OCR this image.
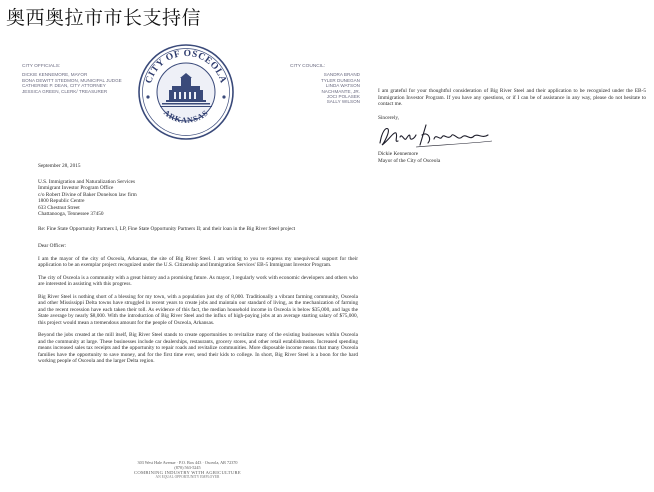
奥西奥拉市市长支持信
CITY OFFICIALS:
DICKIE KENNEMORE, MAYOR
BONA DEWITT STEDMON, MUNICIPAL JUDGE
CATHERINE P. DEAN, CITY ATTORNEY
JESSICA GREEN, CLERK/ TREASURER
CITY OF OSCEOLA
ARKANSAS
CITY COUNCIL:
SANDRA BRAND
TYLER DUNEGAN
LINDA WATSON
NACHMANTE, JR.
JOCI POLASEK
SALLY WILSON
September 28, 2015
U.S. Immigration and Naturalization Services
Immigrant Investor Program Office
c/o Robert Divine of Baker Donelson law firm
1800 Republic Centre
633 Chestnut Street
Chattanooga, Tennessee 37450
Re: Fine State Opportunity Partners I, LP, Fine State Opportunity Partners II; and their loan in the Big River Steel project
Dear Officer:
I am the mayor of the city of Osceola, Arkansas, the site of Big River Steel. I am writing to you to express my unequivocal support for their application to be an exemplar project recognized under the U.S. Citizenship and Immigration Services' EB-5 Immigrant Investor Program.
The city of Osceola is a community with a great history and a promising future. As mayor, I regularly work with economic developers and others who are interested in assisting with this progress.
Big River Steel is nothing short of a blessing for my town, with a population just shy of 8,000. Traditionally a vibrant farming community, Osceola and other Mississippi Delta towns have struggled in recent years to create jobs and maintain our standard of living, as the mechanization of farming and the recent recession have each taken their toll. As evidence of this fact, the median household income in Osceola is below $35,000, and lags the State average by nearly $8,000. With the introduction of Big River Steel and the influx of high-paying jobs at an average starting salary of $75,000, this project would mean a tremendous amount for the people of Osceola, Arkansas.
Beyond the jobs created at the mill itself, Big River Steel stands to create opportunities to revitalize many of the existing businesses within Osceola and the community at large. These businesses include car dealerships, restaurants, grocery stores, and other retail establishments. Increased spending means increased sales tax receipts and the opportunity to repair roads and revitalize communities. More disposable income means that many Osceola families have the opportunity to save money, and for the first time ever, send their kids to college. In short, Big River Steel is a boon for the hard working people of Osceola and the larger Delta region.
303 West Hale Avenue · P.O. Box 443 · Osceola, AR 72370
(870) 563-5245
COMBINING INDUSTRY WITH AGRICULTURE
AN EQUAL OPPORTUNITY EMPLOYER
I am grateful for your thoughtful consideration of Big River Steel and their application to be recognized under the EB-5 Immigration Investor Program. If you have any questions, or if I can be of assistance in any way, please do not hesitate to contact me.
Sincerely,
Dickie Kennemore
Mayor of the City of Osceola
